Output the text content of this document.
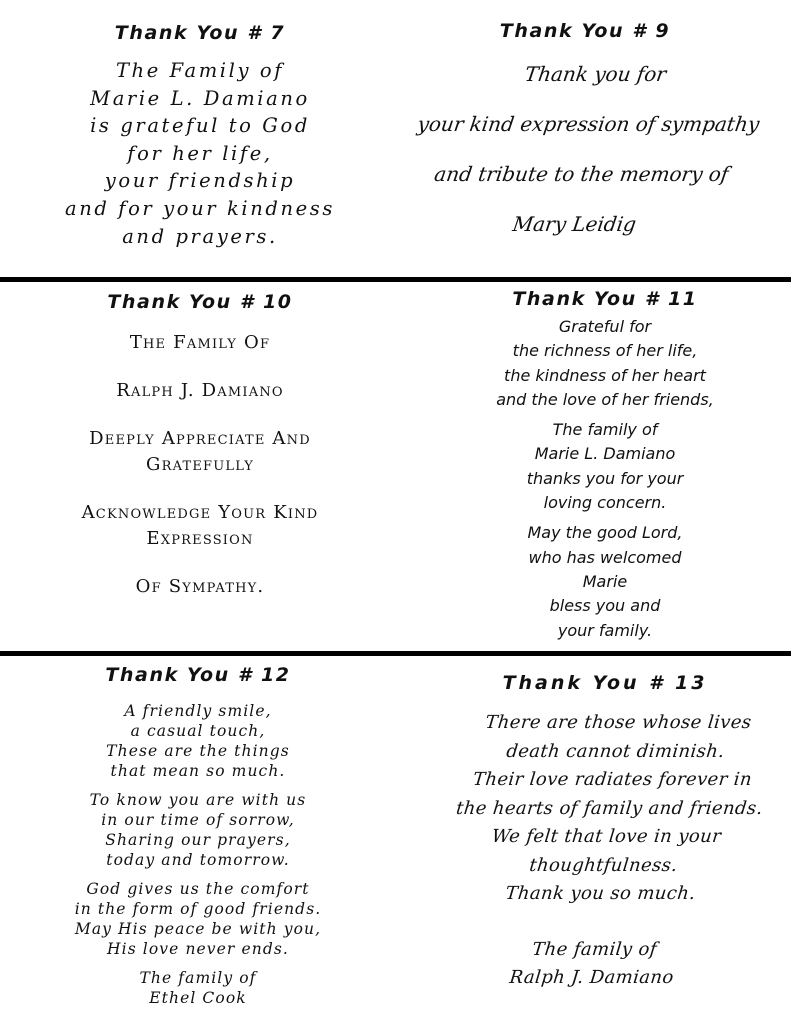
Thank You # 7
The Family of
Marie L. Damiano
is grateful to God
for her life,
your friendship
and for your kindness
and prayers.
Thank You # 9
Thank you for
your kind expression of sympathy
and tribute to the memory of
Mary Leidig
Thank You # 10
The Family Of
Ralph J. Damiano
Deeply Appreciate And
Gratefully
Acknowledge Your Kind
Expression
Of Sympathy.
Thank You # 11
Grateful for
the richness of her life,
the kindness of her heart
and the love of her friends,
The family of
Marie L. Damiano
thanks you for your
loving concern.
May the good Lord,
who has welcomed
Marie
bless you and
your family.
Thank You # 12
A friendly smile,
a casual touch,
These are the things
that mean so much.
To know you are with us
in our time of sorrow,
Sharing our prayers,
today and tomorrow.
God gives us the comfort
in the form of good friends.
May His peace be with you,
His love never ends.
The family of
Ethel Cook
Thank You # 13
There are those whose lives
death cannot diminish.
Their love radiates forever in
the hearts of family and friends.
We felt that love in your
thoughtfulness.
Thank you so much.
The family of
Ralph J. Damiano
